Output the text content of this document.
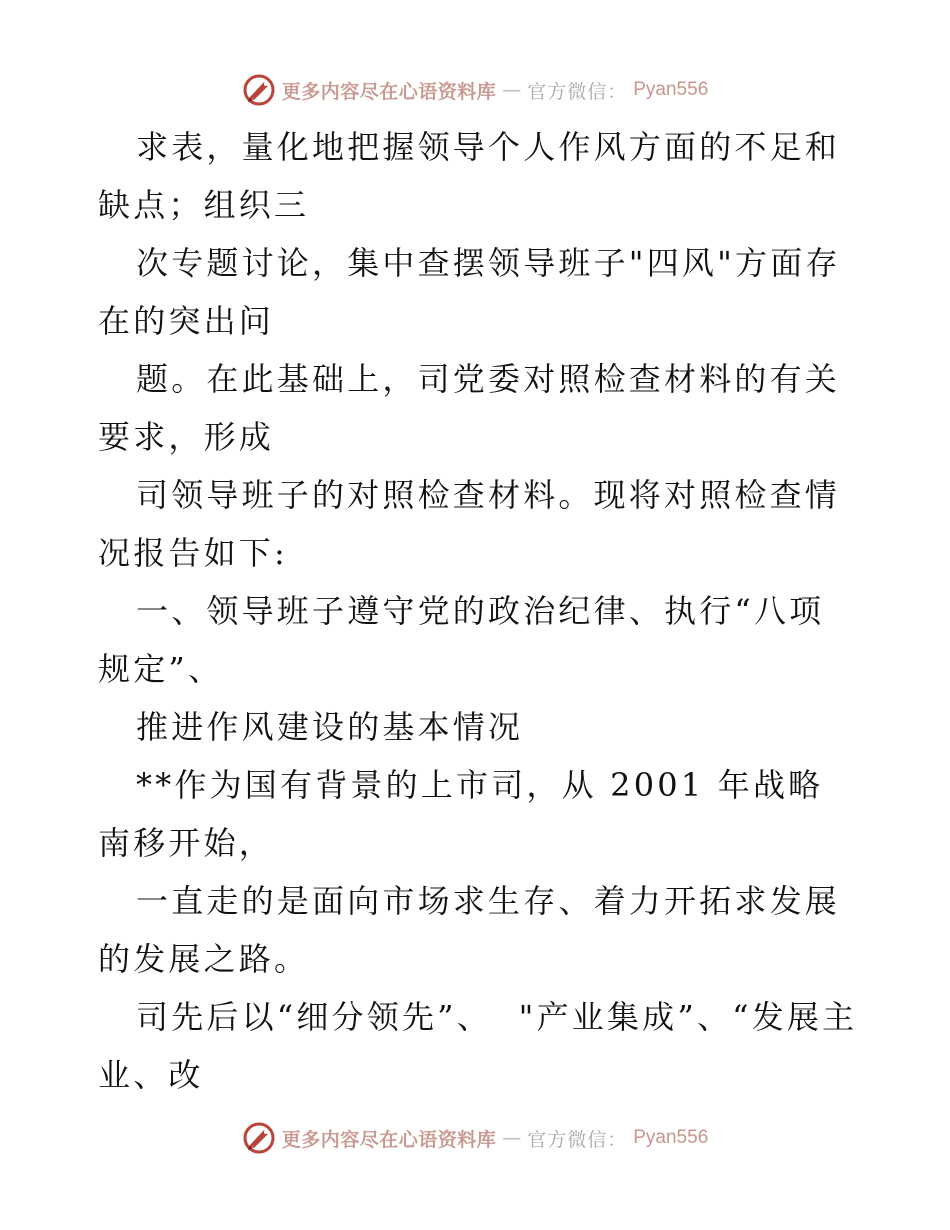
更多内容尽在心语资料库 — 官方微信： Pyan556

求表，量化地把握领导个人作风方面的不足和缺点；组织三

次专题讨论，集中查摆领导班子"四风"方面存在的突出问

题。在此基础上，司党委对照检查材料的有关要求，形成

司领导班子的对照检查材料。现将对照检查情况报告如下:

一、领导班子遵守党的政治纪律、执行“八项规定”、

推进作风建设的基本情况

**作为国有背景的上市司，从 2001 年战略南移开始，

一直走的是面向市场求生存、着力开拓求发展的发展之路。

司先后以“细分领先”、  "产业集成”、“发展主业、改

更多内容尽在心语资料库 — 官方微信： Pyan556
